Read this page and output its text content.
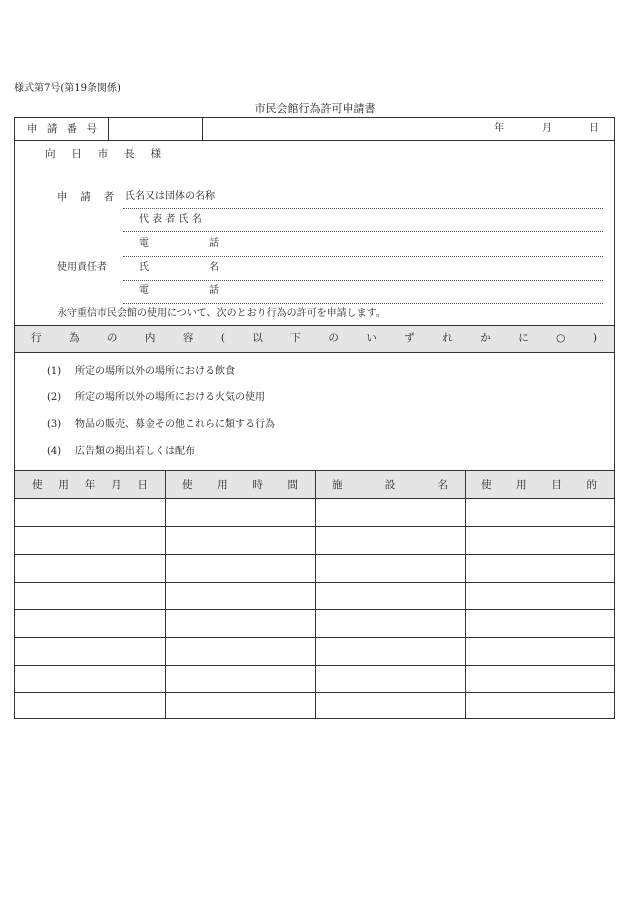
様式第7号(第19条関係)
市民会館行為許可申請書
申 請 番 号	年	月	日
向 日 市 長 様
申 請 者 氏名又は団体の名称
代 表 者 氏 名
電	話
使用責任者	氏	名
電	話
永守重信市民会館の使用について、次のとおり行為の許可を申請します。
行	為	の	内	容	(	以	下	の	い	ず	れ	か	に	○	)
(1) 所定の場所以外の場所における飲食
(2) 所定の場所以外の場所における火気の使用
(3) 物品の販売、募金その他これらに類する行為
(4) 広告類の掲出若しくは配布
使 用 年 月 日	使 用 時 間	施	設	名	使 用 目 的
